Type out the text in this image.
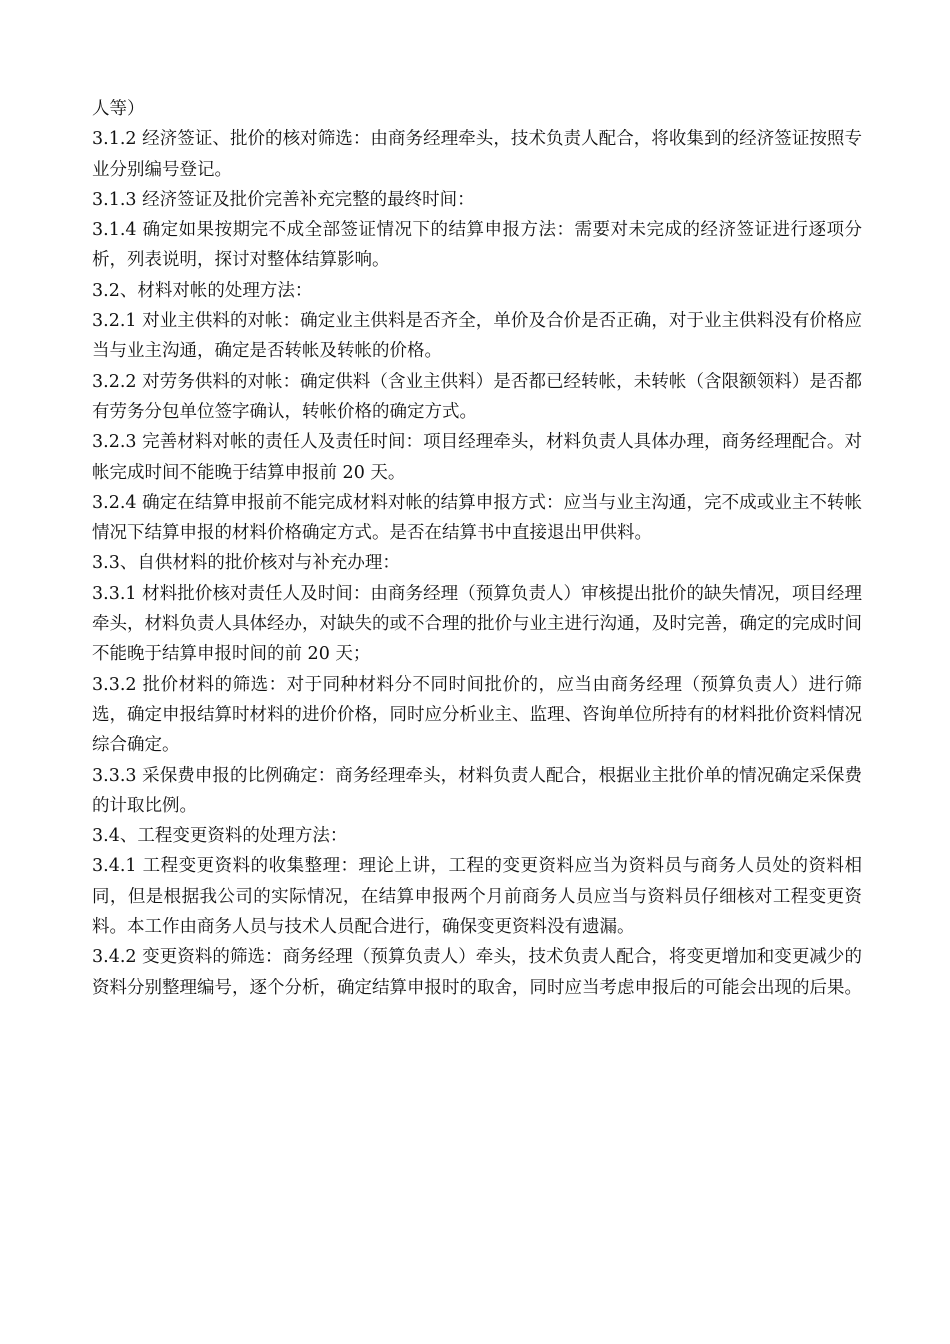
人等）

3.1.2 经济签证、批价的核对筛选：由商务经理牵头，技术负责人配合，将收集到的经济签证按照专业分别编号登记。

3.1.3 经济签证及批价完善补充完整的最终时间：

3.1.4 确定如果按期完不成全部签证情况下的结算申报方法：需要对未完成的经济签证进行逐项分析，列表说明，探讨对整体结算影响。

3.2、材料对帐的处理方法：

3.2.1 对业主供料的对帐：确定业主供料是否齐全，单价及合价是否正确，对于业主供料没有价格应当与业主沟通，确定是否转帐及转帐的价格。

3.2.2 对劳务供料的对帐：确定供料（含业主供料）是否都已经转帐，未转帐（含限额领料）是否都有劳务分包单位签字确认，转帐价格的确定方式。

3.2.3 完善材料对帐的责任人及责任时间：项目经理牵头，材料负责人具体办理，商务经理配合。对帐完成时间不能晚于结算申报前 20 天。

3.2.4 确定在结算申报前不能完成材料对帐的结算申报方式：应当与业主沟通，完不成或业主不转帐情况下结算申报的材料价格确定方式。是否在结算书中直接退出甲供料。

3.3、自供材料的批价核对与补充办理：

3.3.1 材料批价核对责任人及时间：由商务经理（预算负责人）审核提出批价的缺失情况，项目经理牵头，材料负责人具体经办，对缺失的或不合理的批价与业主进行沟通，及时完善，确定的完成时间不能晚于结算申报时间的前 20 天；

3.3.2 批价材料的筛选：对于同种材料分不同时间批价的，应当由商务经理（预算负责人）进行筛选，确定申报结算时材料的进价价格，同时应分析业主、监理、咨询单位所持有的材料批价资料情况综合确定。

3.3.3 采保费申报的比例确定：商务经理牵头，材料负责人配合，根据业主批价单的情况确定采保费的计取比例。

3.4、工程变更资料的处理方法：

3.4.1 工程变更资料的收集整理：理论上讲，工程的变更资料应当为资料员与商务人员处的资料相同，但是根据我公司的实际情况，在结算申报两个月前商务人员应当与资料员仔细核对工程变更资料。本工作由商务人员与技术人员配合进行，确保变更资料没有遗漏。

3.4.2 变更资料的筛选：商务经理（预算负责人）牵头，技术负责人配合，将变更增加和变更减少的资料分别整理编号，逐个分析，确定结算申报时的取舍，同时应当考虑申报后的可能会出现的后果。
